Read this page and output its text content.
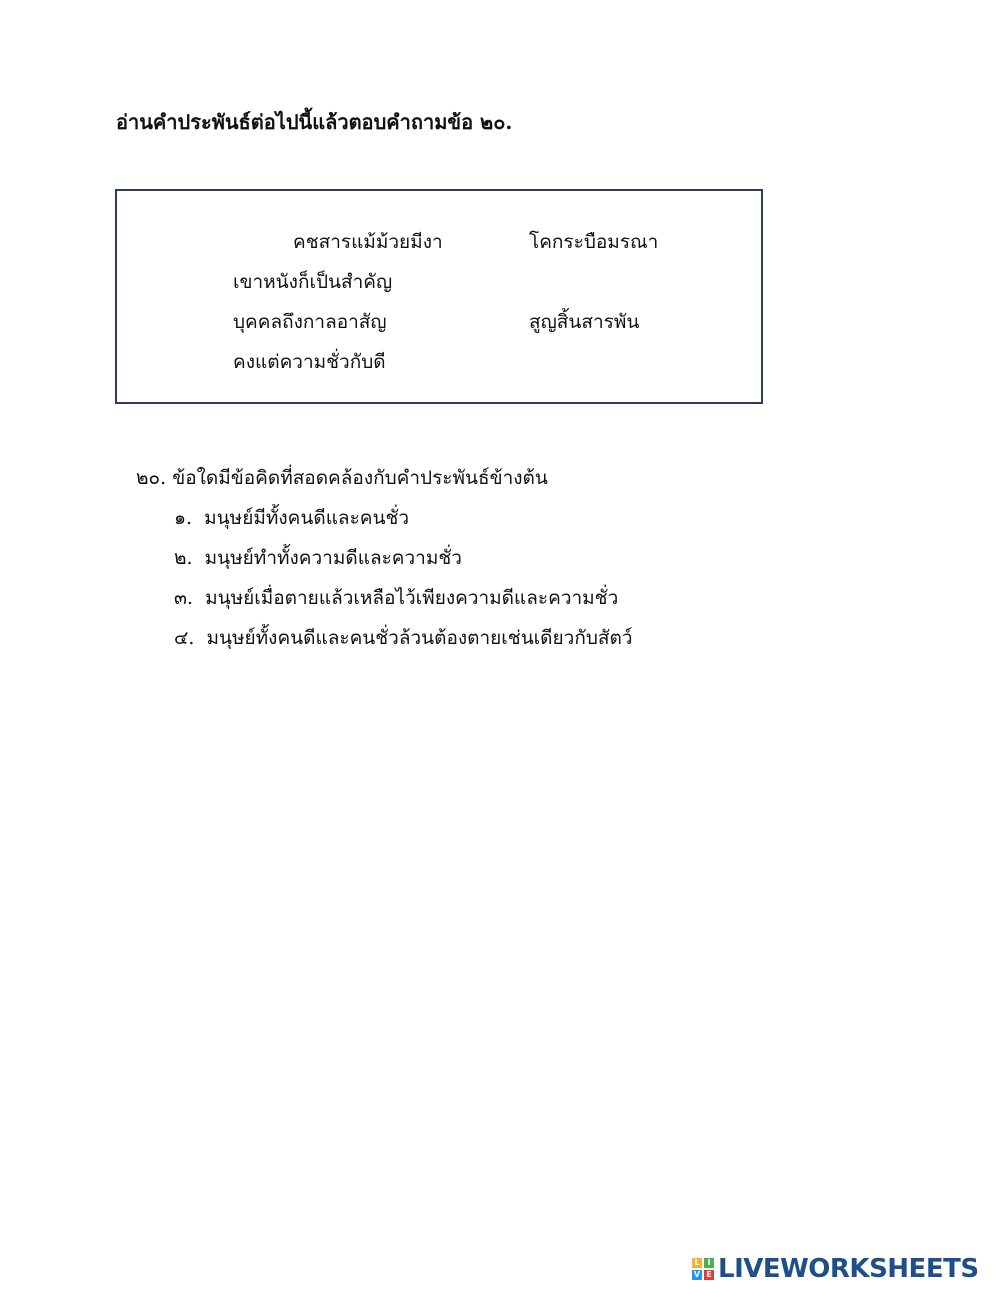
อ่านคำประพันธ์ต่อไปนี้แล้วตอบคำถามข้อ ๒๐.
คชสารแม้ม้วยมีงา	โคกระบือมรณา
เขาหนังก็เป็นสำคัญ
บุคคลถึงกาลอาสัญ	สูญสิ้นสารพัน
คงแต่ความชั่วกับดี
๒๐. ข้อใดมีข้อคิดที่สอดคล้องกับคำประพันธ์ข้างต้น
๑. มนุษย์มีทั้งคนดีและคนชั่ว
๒. มนุษย์ทำทั้งความดีและความชั่ว
๓. มนุษย์เมื่อตายแล้วเหลือไว้เพียงความดีและความชั่ว
๔. มนุษย์ทั้งคนดีและคนชั่วล้วนต้องตายเช่นเดียวกับสัตว์
L I
V E LIVEWORKSHEETS
